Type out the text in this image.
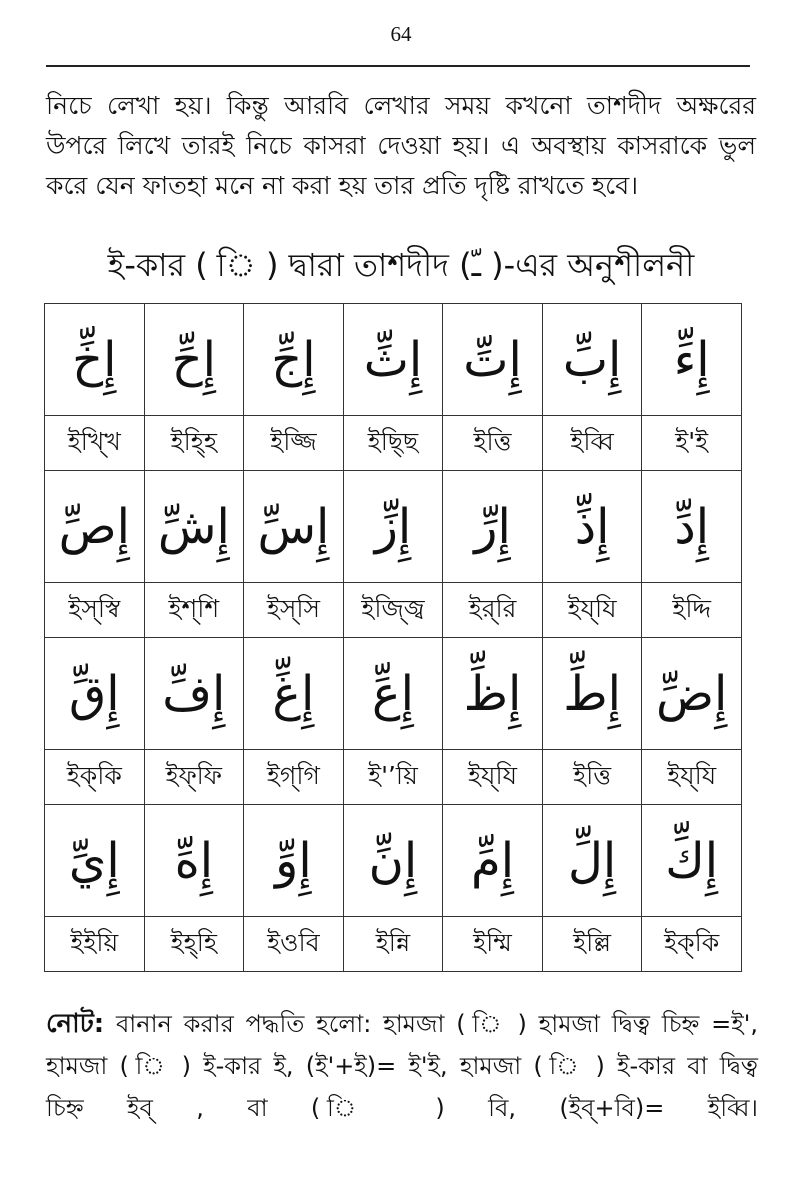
64
নিচে লেখা হয়। কিন্তু আরবি লেখার সময় কখনো তাশদীদ অক্ষরের
উপরে লিখে তারই নিচে কাসরা দেওয়া হয়। এ অবস্থায় কাসরাকে ভুল
করে যেন ফাতহা মনে না করা হয় তার প্রতি দৃষ্টি রাখতে হবে।
ই-কার ( ি ) দ্বারা তাশদীদ (ـّ )-এর অনুশীলনী
إِخِّ	إِحِّ	إِجِّ	إِثِّ	إِتِّ	إِبِّ	إِءِّ
ইখ্খি	ইহ্হি	ইজ্জি	ইছ্ছি	ইত্তি	ইব্বি	ই'ই
إِصِّ	إِشِّ	إِسِّ	إِزِّ	إِرِّ	إِذِّ	إِدِّ
ইস্‌স্বি	ইশ্‌শি	ইস্‌সি	ইজ্জ্বি	ইর্‌রি	ইয্‌যি	ইদ্দি
إِقِّ	إِفِّ	إِغِّ	إِعِّ	إِظِّ	إِطِّ	إِضِّ
ইক্‌কি	ইফ্‌ফি	ইগ্‌গি	ই'’য়ি	ইয্‌যি	ইত্তি	ইয্‌যি
إِيِّ	إِهِّ	إِوِّ	إِنِّ	إِمِّ	إِلِّ	إِكِّ
ইইয়ি	ইহ্‌হি	ইওবি	ইন্নি	ইম্মি	ইল্লি	ইক্‌কি
নোট: বানান করার পদ্ধতি হলো: হামজা ( ি ) হামজা দ্বিত্ব চিহ্ন =ই',
হামজা ( ি ) ই-কার ই, (ই'+ই)= ই'ই, হামজা ( ি ) ই-কার বা দ্বিত্ব
চিহ্ন ইব্ , বা ( ি ) বি, (ইব্+বি)= ইব্বি।
